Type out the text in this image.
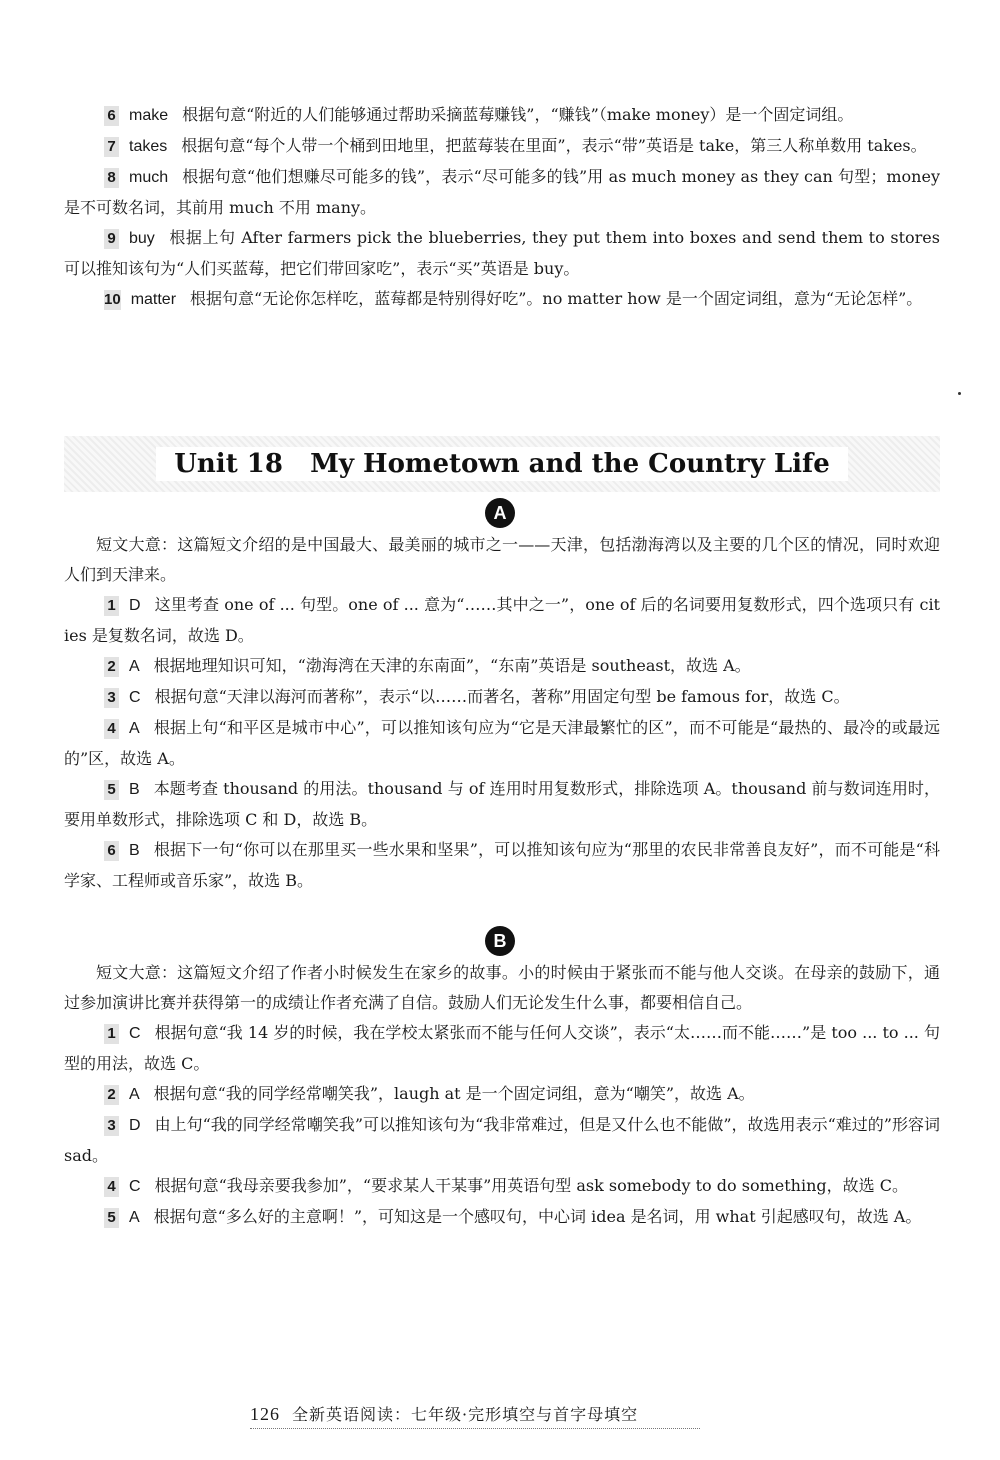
6 make 根据句意“附近的人们能够通过帮助采摘蓝莓赚钱”，“赚钱”（make money）是一个固定词组。

7 takes 根据句意“每个人带一个桶到田地里，把蓝莓装在里面”，表示“带”英语是 take，第三人称单数用 takes。

8 much 根据句意“他们想赚尽可能多的钱”，表示“尽可能多的钱”用 as much money as they can 句型；money 是不可数名词，其前用 much 不用 many。

9 buy 根据上句 After farmers pick the blueberries, they put them into boxes and send them to stores 可以推知该句为“人们买蓝莓，把它们带回家吃”，表示“买”英语是 buy。

10 matter 根据句意“无论你怎样吃，蓝莓都是特别得好吃”。no matter how 是一个固定词组，意为“无论怎样”。

Unit 18   My Hometown and the Country Life
A

短文大意：这篇短文介绍的是中国最大、最美丽的城市之一——天津，包括渤海湾以及主要的几个区的情况，同时欢迎人们到天津来。

1 D 这里考查 one of ... 句型。one of ... 意为“……其中之一”，one of 后的名词要用复数形式，四个选项只有 cities 是复数名词，故选 D。

2 A 根据地理知识可知，“渤海湾在天津的东南面”，“东南”英语是 southeast，故选 A。

3 C 根据句意“天津以海河而著称”，表示“以……而著名，著称”用固定句型 be famous for，故选 C。

4 A 根据上句“和平区是城市中心”，可以推知该句应为“它是天津最繁忙的区”，而不可能是“最热的、最冷的或最远的”区，故选 A。

5 B 本题考查 thousand 的用法。thousand 与 of 连用时用复数形式，排除选项 A。thousand 前与数词连用时，要用单数形式，排除选项 C 和 D，故选 B。

6 B 根据下一句“你可以在那里买一些水果和坚果”，可以推知该句应为“那里的农民非常善良友好”，而不可能是“科学家、工程师或音乐家”，故选 B。

B

短文大意：这篇短文介绍了作者小时候发生在家乡的故事。小的时候由于紧张而不能与他人交谈。在母亲的鼓励下，通过参加演讲比赛并获得第一的成绩让作者充满了自信。鼓励人们无论发生什么事，都要相信自己。

1 C 根据句意“我 14 岁的时候，我在学校太紧张而不能与任何人交谈”，表示“太……而不能……”是 too ... to ... 句型的用法，故选 C。

2 A 根据句意“我的同学经常嘲笑我”，laugh at 是一个固定词组，意为“嘲笑”，故选 A。

3 D 由上句“我的同学经常嘲笑我”可以推知该句为“我非常难过，但是又什么也不能做”，故选用表示“难过的”形容词 sad。

4 C 根据句意“我母亲要我参加”，“要求某人干某事”用英语句型 ask somebody to do something，故选 C。

5 A 根据句意“多么好的主意啊！”，可知这是一个感叹句，中心词 idea 是名词，用 what 引起感叹句，故选 A。

126 全新英语阅读：七年级·完形填空与首字母填空
